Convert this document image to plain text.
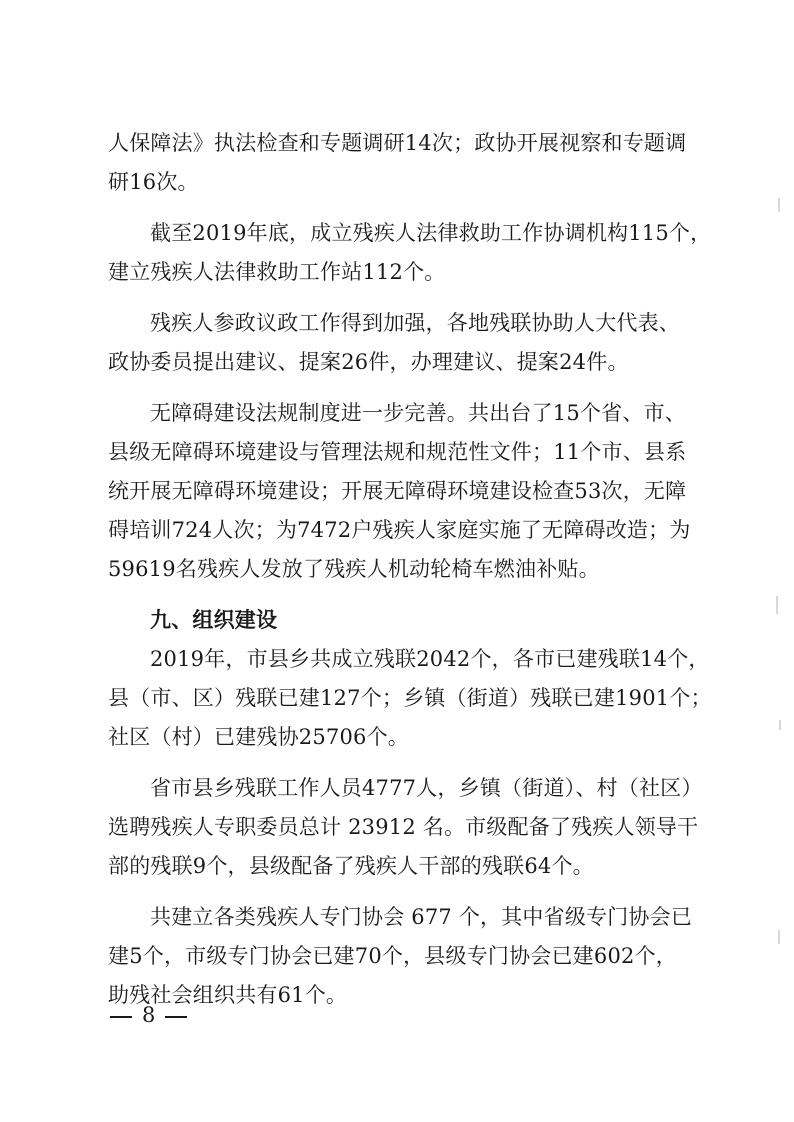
人保障法》执法检查和专题调研14次；政协开展视察和专题调
研16次。
截至2019年底，成立残疾人法律救助工作协调机构115个，
建立残疾人法律救助工作站112个。
残疾人参政议政工作得到加强，各地残联协助人大代表、
政协委员提出建议、提案26件，办理建议、提案24件。
无障碍建设法规制度进一步完善。共出台了15个省、市、
县级无障碍环境建设与管理法规和规范性文件；11个市、县系
统开展无障碍环境建设；开展无障碍环境建设检查53次，无障
碍培训724人次；为7472户残疾人家庭实施了无障碍改造；为
59619名残疾人发放了残疾人机动轮椅车燃油补贴。
九、组织建设
2019年，市县乡共成立残联2042个，各市已建残联14个，
县（市、区）残联已建127个；乡镇（街道）残联已建1901个；
社区（村）已建残协25706个。
省市县乡残联工作人员4777人，乡镇（街道）、村（社区）
选聘残疾人专职委员总计 23912 名。市级配备了残疾人领导干
部的残联9个，县级配备了残疾人干部的残联64个。
共建立各类残疾人专门协会 677 个，其中省级专门协会已
建5个，市级专门协会已建70个，县级专门协会已建602个，
助残社会组织共有61个。
8
